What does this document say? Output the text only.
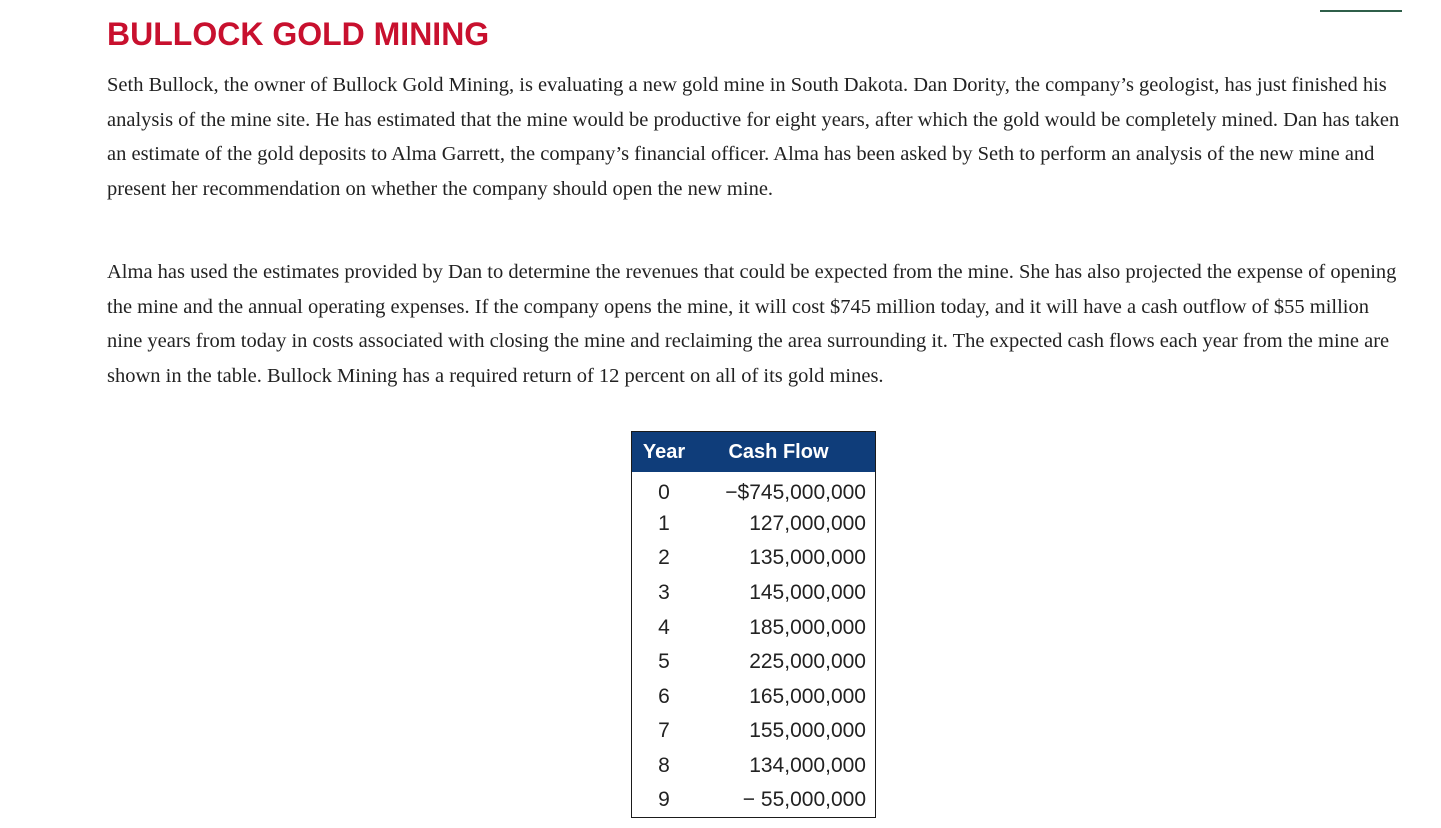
BULLOCK GOLD MINING

Seth Bullock, the owner of Bullock Gold Mining, is evaluating a new gold mine in South Dakota. Dan Dority, the company’s geologist, has just finished his analysis of the mine site. He has estimated that the mine would be productive for eight years, after which the gold would be completely mined. Dan has taken an estimate of the gold deposits to Alma Garrett, the company’s financial officer. Alma has been asked by Seth to perform an analysis of the new mine and present her recommendation on whether the company should open the new mine.

Alma has used the estimates provided by Dan to determine the revenues that could be expected from the mine. She has also projected the expense of opening the mine and the annual operating expenses. If the company opens the mine, it will cost $745 million today, and it will have a cash outflow of $55 million nine years from today in costs associated with closing the mine and reclaiming the area surrounding it. The expected cash flows each year from the mine are shown in the table. Bullock Mining has a required return of 12 percent on all of its gold mines.

Year	Cash Flow
0	−$745,000,000
1	127,000,000
2	135,000,000
3	145,000,000
4	185,000,000
5	225,000,000
6	165,000,000
7	155,000,000
8	134,000,000
9	− 55,000,000
